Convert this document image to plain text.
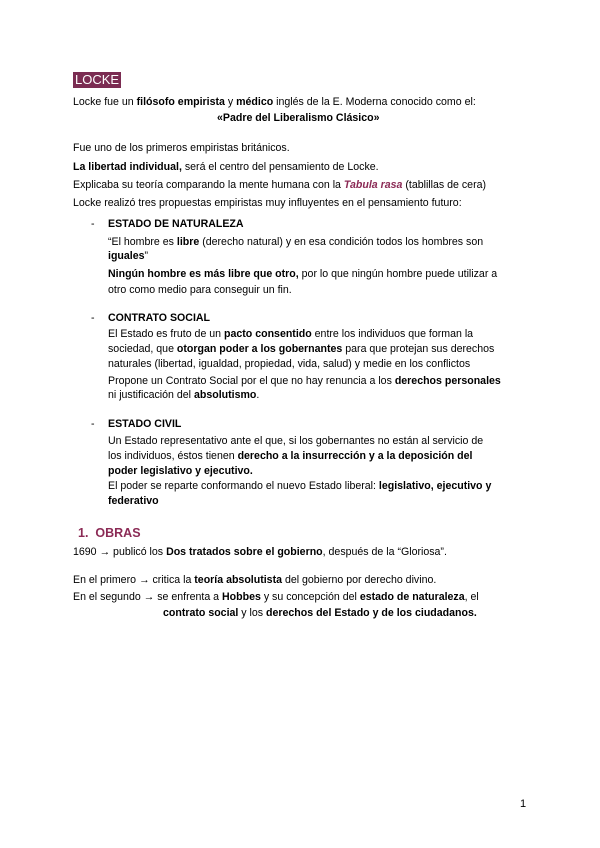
LOCKE
Locke fue un filósofo empirista y médico inglés de la E. Moderna conocido como el:
«Padre del Liberalismo Clásico»
Fue uno de los primeros empiristas británicos.
La libertad individual, será el centro del pensamiento de Locke.
Explicaba su teoría comparando la mente humana con la Tabula rasa (tablillas de cera)
Locke realizó tres propuestas empiristas muy influyentes en el pensamiento futuro:
- ESTADO DE NATURALEZA
“El hombre es libre (derecho natural) y en esa condición todos los hombres son
iguales”
Ningún hombre es más libre que otro, por lo que ningún hombre puede utilizar a
otro como medio para conseguir un fin.
- CONTRATO SOCIAL
El Estado es fruto de un pacto consentido entre los individuos que forman la
sociedad, que otorgan poder a los gobernantes para que protejan sus derechos
naturales (libertad, igualdad, propiedad, vida, salud) y medie en los conflictos
Propone un Contrato Social por el que no hay renuncia a los derechos personales
ni justificación del absolutismo.
- ESTADO CIVIL
Un Estado representativo ante el que, si los gobernantes no están al servicio de
los individuos, éstos tienen derecho a la insurrección y a la deposición del
poder legislativo y ejecutivo.
El poder se reparte conformando el nuevo Estado liberal: legislativo, ejecutivo y
federativo
1. OBRAS
1690 → publicó los Dos tratados sobre el gobierno, después de la “Gloriosa”.
En el primero → critica la teoría absolutista del gobierno por derecho divino.
En el segundo → se enfrenta a Hobbes y su concepción del estado de naturaleza, el
contrato social y los derechos del Estado y de los ciudadanos.
1
